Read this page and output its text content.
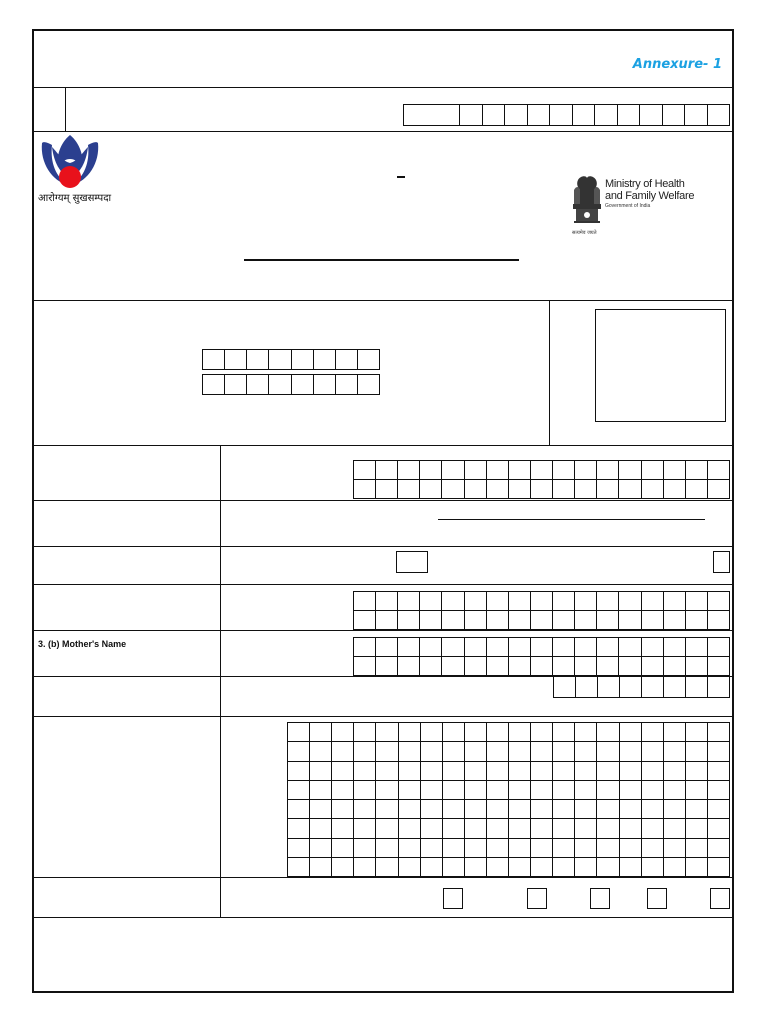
Annexure- 1
आरोग्यम् सुखसम्पदा
Ministry of Health
and Family Welfare
Government of India
सत्यमेव जयते
3. (b) Mother's Name
